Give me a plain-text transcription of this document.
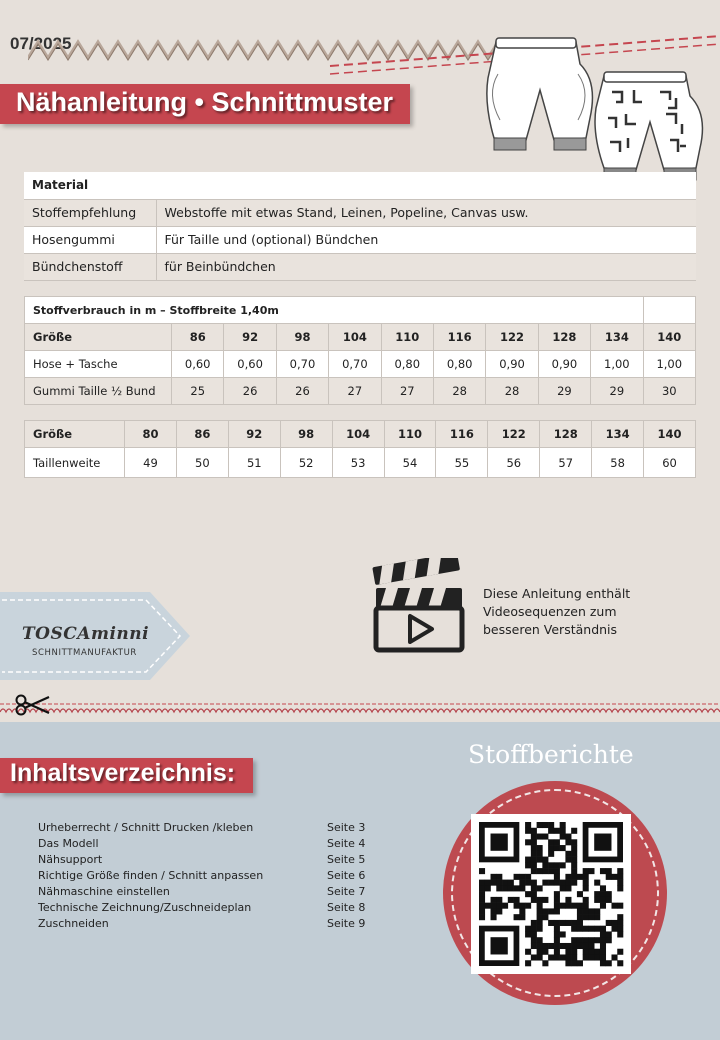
07/2025
Nähanleitung • Schnittmuster
Material	
Stoffempfehlung	Webstoffe mit etwas Stand, Leinen, Popeline, Canvas usw.
Hosengummi	Für Taille und (optional) Bündchen
Bündchenstoff	für Beinbündchen
Stoffverbrauch in m – Stoffbreite 1,40m										
Größe	86	92	98	104	110	116	122	128	134	140
Hose + Tasche	0,60	0,60	0,70	0,70	0,80	0,80	0,90	0,90	1,00	1,00
Gummi Taille ½ Bund	25	26	26	27	27	28	28	29	29	30
Größe	80	86	92	98	104	110	116	122	128	134	140
Taillenweite	49	50	51	52	53	54	55	56	57	58	60
Diese Anleitung enthält
Videosequenzen zum
besseren Verständnis
TOSCAminni
SCHNITTMANUFAKTUR
Inhaltsverzeichnis:
Urheberrecht / Schnitt Drucken /kleben	Seite 3
Das Modell	Seite 4
Nähsupport	Seite 5
Richtige Größe finden / Schnitt anpassen	Seite 6
Nähmaschine einstellen	Seite 7
Technische Zeichnung/Zuschneideplan	Seite 8
Zuschneiden	Seite 9
Stoffberichte
